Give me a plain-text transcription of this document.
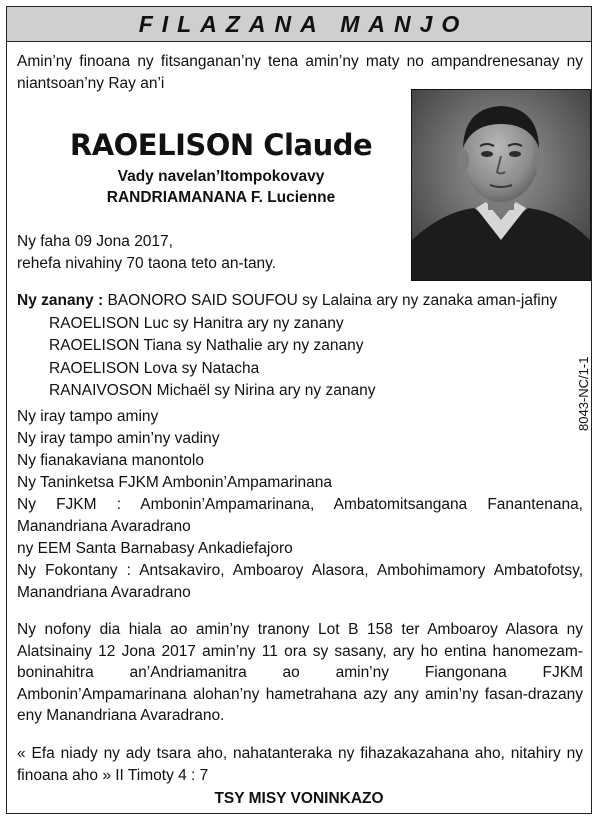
FILAZANA MANJO

Amin’ny finoana ny fitsanganan’ny tena amin’ny maty no ampandrenesanay ny niantsoan’ny Ray an’i

RAOELISON Claude
Vady navelan’Itompokovavy
RANDRIAMANANA F. Lucienne

Ny faha 09 Jona 2017,

rehefa nivahiny 70 taona teto an-tany.

Ny zanany : BAONORO SAID SOUFOU sy Lalaina ary ny zanaka aman-jafiny
RAOELISON Luc sy Hanitra ary ny zanany
RAOELISON Tiana sy Nathalie ary ny zanany
RAOELISON Lova sy Natacha
RANAIVOSON Michaël sy Nirina ary ny zanany	8043-NC/1-1
Ny iray tampo aminy
Ny iray tampo amin’ny vadiny
Ny fianakaviana manontolo
Ny Taninketsa FJKM Ambonin’Ampamarinana
Ny FJKM : Ambonin’Ampamarinana, Ambatomitsangana Fanantenana, Manandriana Avaradrano
ny EEM Santa Barnabasy Ankadiefajoro
Ny Fokontany : Antsakaviro, Amboaroy Alasora, Ambohimamory Ambatofotsy, Manandriana Avaradrano

Ny nofony dia hiala ao amin’ny tranony Lot B 158 ter Amboaroy Alasora ny Alatsinainy 12 Jona 2017 amin’ny 11 ora sy sasany, ary ho entina hanomezam-boninahitra an’Andriamanitra ao amin’ny Fiangonana FJKM Ambonin’Ampamarinana alohan’ny hametrahana azy any amin’ny fasan-drazany eny Manandriana Avaradrano.

« Efa niady ny ady tsara aho, nahatanteraka ny fihazakazahana aho, nitahiry ny finoana aho » II Timoty 4 : 7

TSY MISY VONINKAZO
